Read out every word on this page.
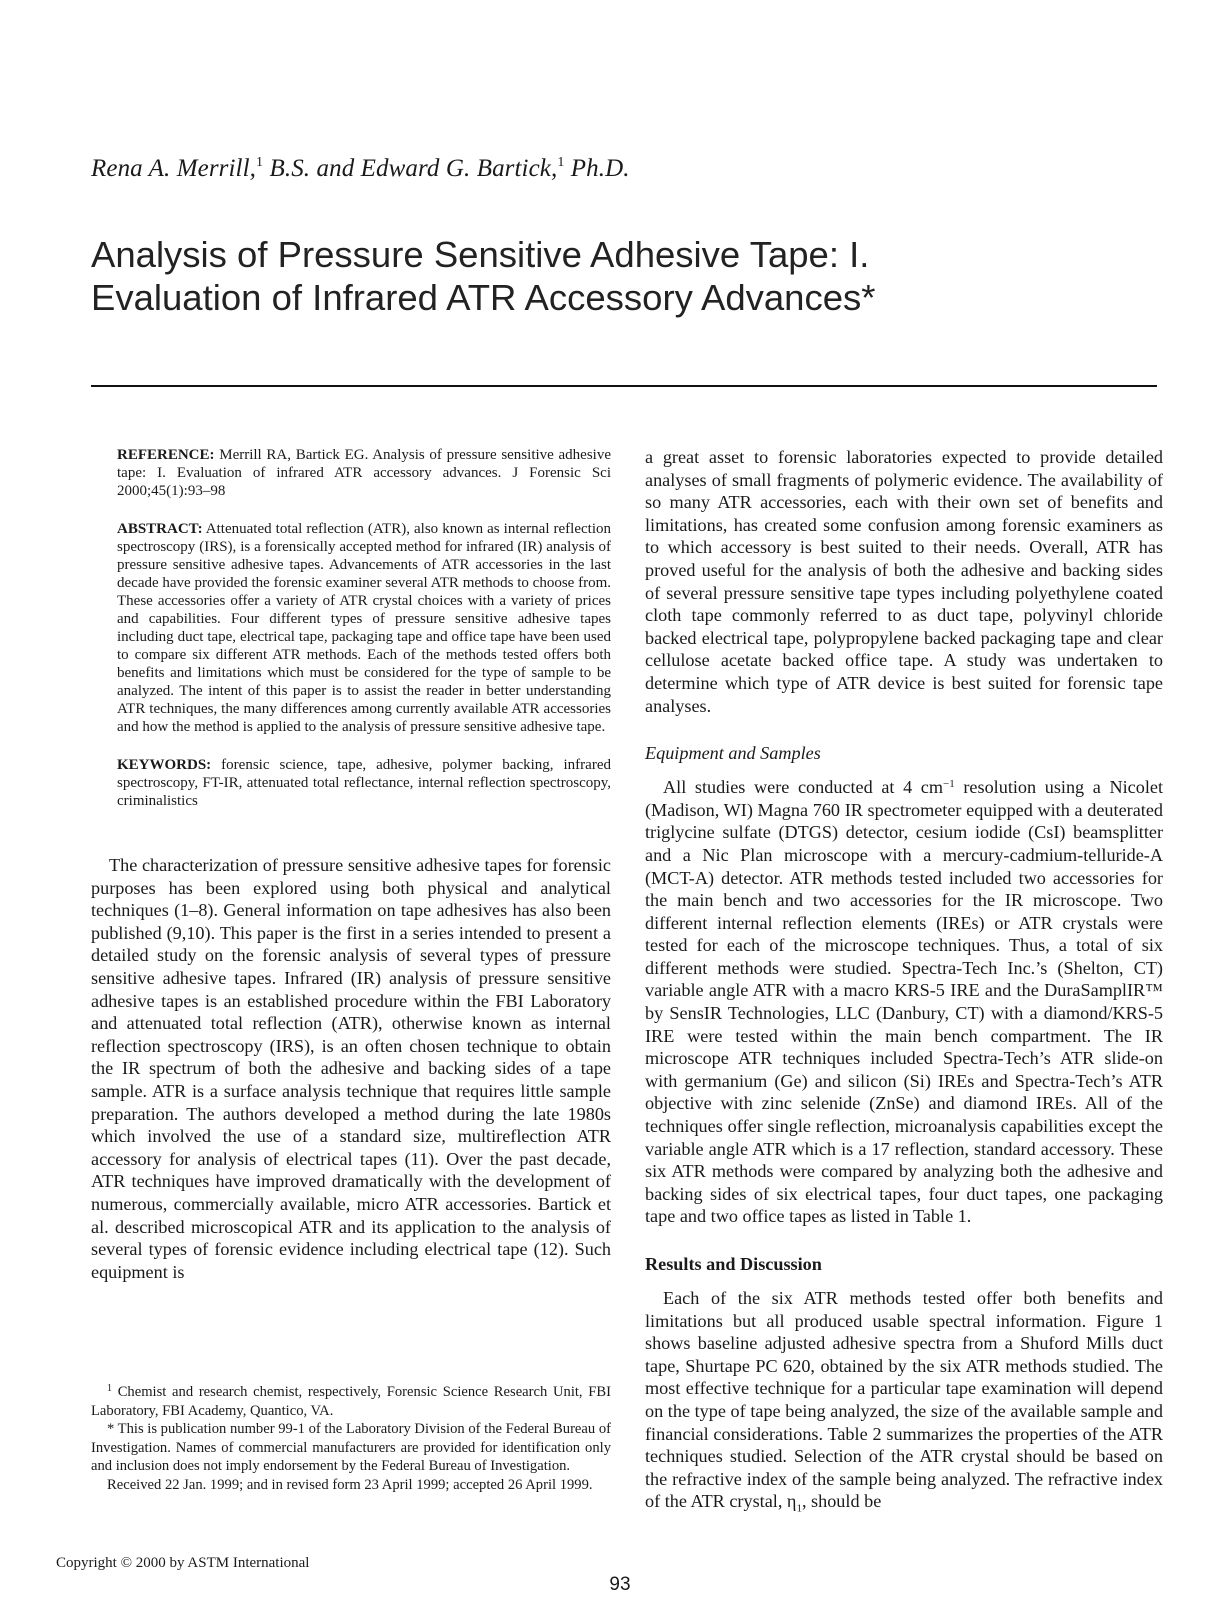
Rena A. Merrill,$^1$ B.S. and Edward G. Bartick,$^1$ Ph.D.
Analysis of Pressure Sensitive Adhesive Tape: I.
Evaluation of Infrared ATR Accessory Advances*
REFERENCE: Merrill RA, Bartick EG. Analysis of pressure sensitive adhesive tape: I. Evaluation of infrared ATR accessory advances. J Forensic Sci 2000;45(1):93–98
ABSTRACT: Attenuated total reflection (ATR), also known as internal reflection spectroscopy (IRS), is a forensically accepted method for infrared (IR) analysis of pressure sensitive adhesive tapes. Advancements of ATR accessories in the last decade have provided the forensic examiner several ATR methods to choose from. These accessories offer a variety of ATR crystal choices with a variety of prices and capabilities. Four different types of pressure sensitive adhesive tapes including duct tape, electrical tape, packaging tape and office tape have been used to compare six different ATR methods. Each of the methods tested offers both benefits and limitations which must be considered for the type of sample to be analyzed. The intent of this paper is to assist the reader in better understanding ATR techniques, the many differences among currently available ATR accessories and how the method is applied to the analysis of pressure sensitive adhesive tape.
KEYWORDS: forensic science, tape, adhesive, polymer backing, infrared spectroscopy, FT-IR, attenuated total reflectance, internal reflection spectroscopy, criminalistics

The characterization of pressure sensitive adhesive tapes for forensic purposes has been explored using both physical and analytical techniques (1–8). General information on tape adhesives has also been published (9,10). This paper is the first in a series intended to present a detailed study on the forensic analysis of several types of pressure sensitive adhesive tapes. Infrared (IR) analysis of pressure sensitive adhesive tapes is an established procedure within the FBI Laboratory and attenuated total reflection (ATR), otherwise known as internal reflection spectroscopy (IRS), is an often chosen technique to obtain the IR spectrum of both the adhesive and backing sides of a tape sample. ATR is a surface analysis technique that requires little sample preparation. The authors developed a method during the late 1980s which involved the use of a standard size, multireflection ATR accessory for analysis of electrical tapes (11). Over the past decade, ATR techniques have improved dramatically with the development of numerous, commercially available, micro ATR accessories. Bartick et al. described microscopical ATR and its application to the analysis of several types of forensic evidence including electrical tape (12). Such equipment is

$^1$ Chemist and research chemist, respectively, Forensic Science Research Unit, FBI Laboratory, FBI Academy, Quantico, VA.

* This is publication number 99-1 of the Laboratory Division of the Federal Bureau of Investigation. Names of commercial manufacturers are provided for identification only and inclusion does not imply endorsement by the Federal Bureau of Investigation.

Received 22 Jan. 1999; and in revised form 23 April 1999; accepted 26 April 1999.

a great asset to forensic laboratories expected to provide detailed analyses of small fragments of polymeric evidence. The availability of so many ATR accessories, each with their own set of benefits and limitations, has created some confusion among forensic examiners as to which accessory is best suited to their needs. Overall, ATR has proved useful for the analysis of both the adhesive and backing sides of several pressure sensitive tape types including polyethylene coated cloth tape commonly referred to as duct tape, polyvinyl chloride backed electrical tape, polypropylene backed packaging tape and clear cellulose acetate backed office tape. A study was undertaken to determine which type of ATR device is best suited for forensic tape analyses.

Equipment and Samples

All studies were conducted at 4 $cm^{-1}$ resolution using a Nicolet (Madison, WI) Magna 760 IR spectrometer equipped with a deuterated triglycine sulfate (DTGS) detector, cesium iodide (CsI) beamsplitter and a Nic Plan microscope with a mercury-cadmium-telluride-A (MCT-A) detector. ATR methods tested included two accessories for the main bench and two accessories for the IR microscope. Two different internal reflection elements (IREs) or ATR crystals were tested for each of the microscope techniques. Thus, a total of six different methods were studied. Spectra-Tech Inc.’s (Shelton, CT) variable angle ATR with a macro KRS-5 IRE and the DuraSamplIR™ by SensIR Technologies, LLC (Danbury, CT) with a diamond/KRS-5 IRE were tested within the main bench compartment. The IR microscope ATR techniques included Spectra-Tech’s ATR slide-on with germanium (Ge) and silicon (Si) IREs and Spectra-Tech’s ATR objective with zinc selenide (ZnSe) and diamond IREs. All of the techniques offer single reflection, microanalysis capabilities except the variable angle ATR which is a 17 reflection, standard accessory. These six ATR methods were compared by analyzing both the adhesive and backing sides of six electrical tapes, four duct tapes, one packaging tape and two office tapes as listed in Table 1.

Results and Discussion

Each of the six ATR methods tested offer both benefits and limitations but all produced usable spectral information. Figure 1 shows baseline adjusted adhesive spectra from a Shuford Mills duct tape, Shurtape PC 620, obtained by the six ATR methods studied. The most effective technique for a particular tape examination will depend on the type of tape being analyzed, the size of the available sample and financial considerations. Table 2 summarizes the properties of the ATR techniques studied. Selection of the ATR crystal should be based on the refractive index of the sample being analyzed. The refractive index of the ATR crystal, $\eta_1$, should be

Copyright © 2000 by ASTM International
93
